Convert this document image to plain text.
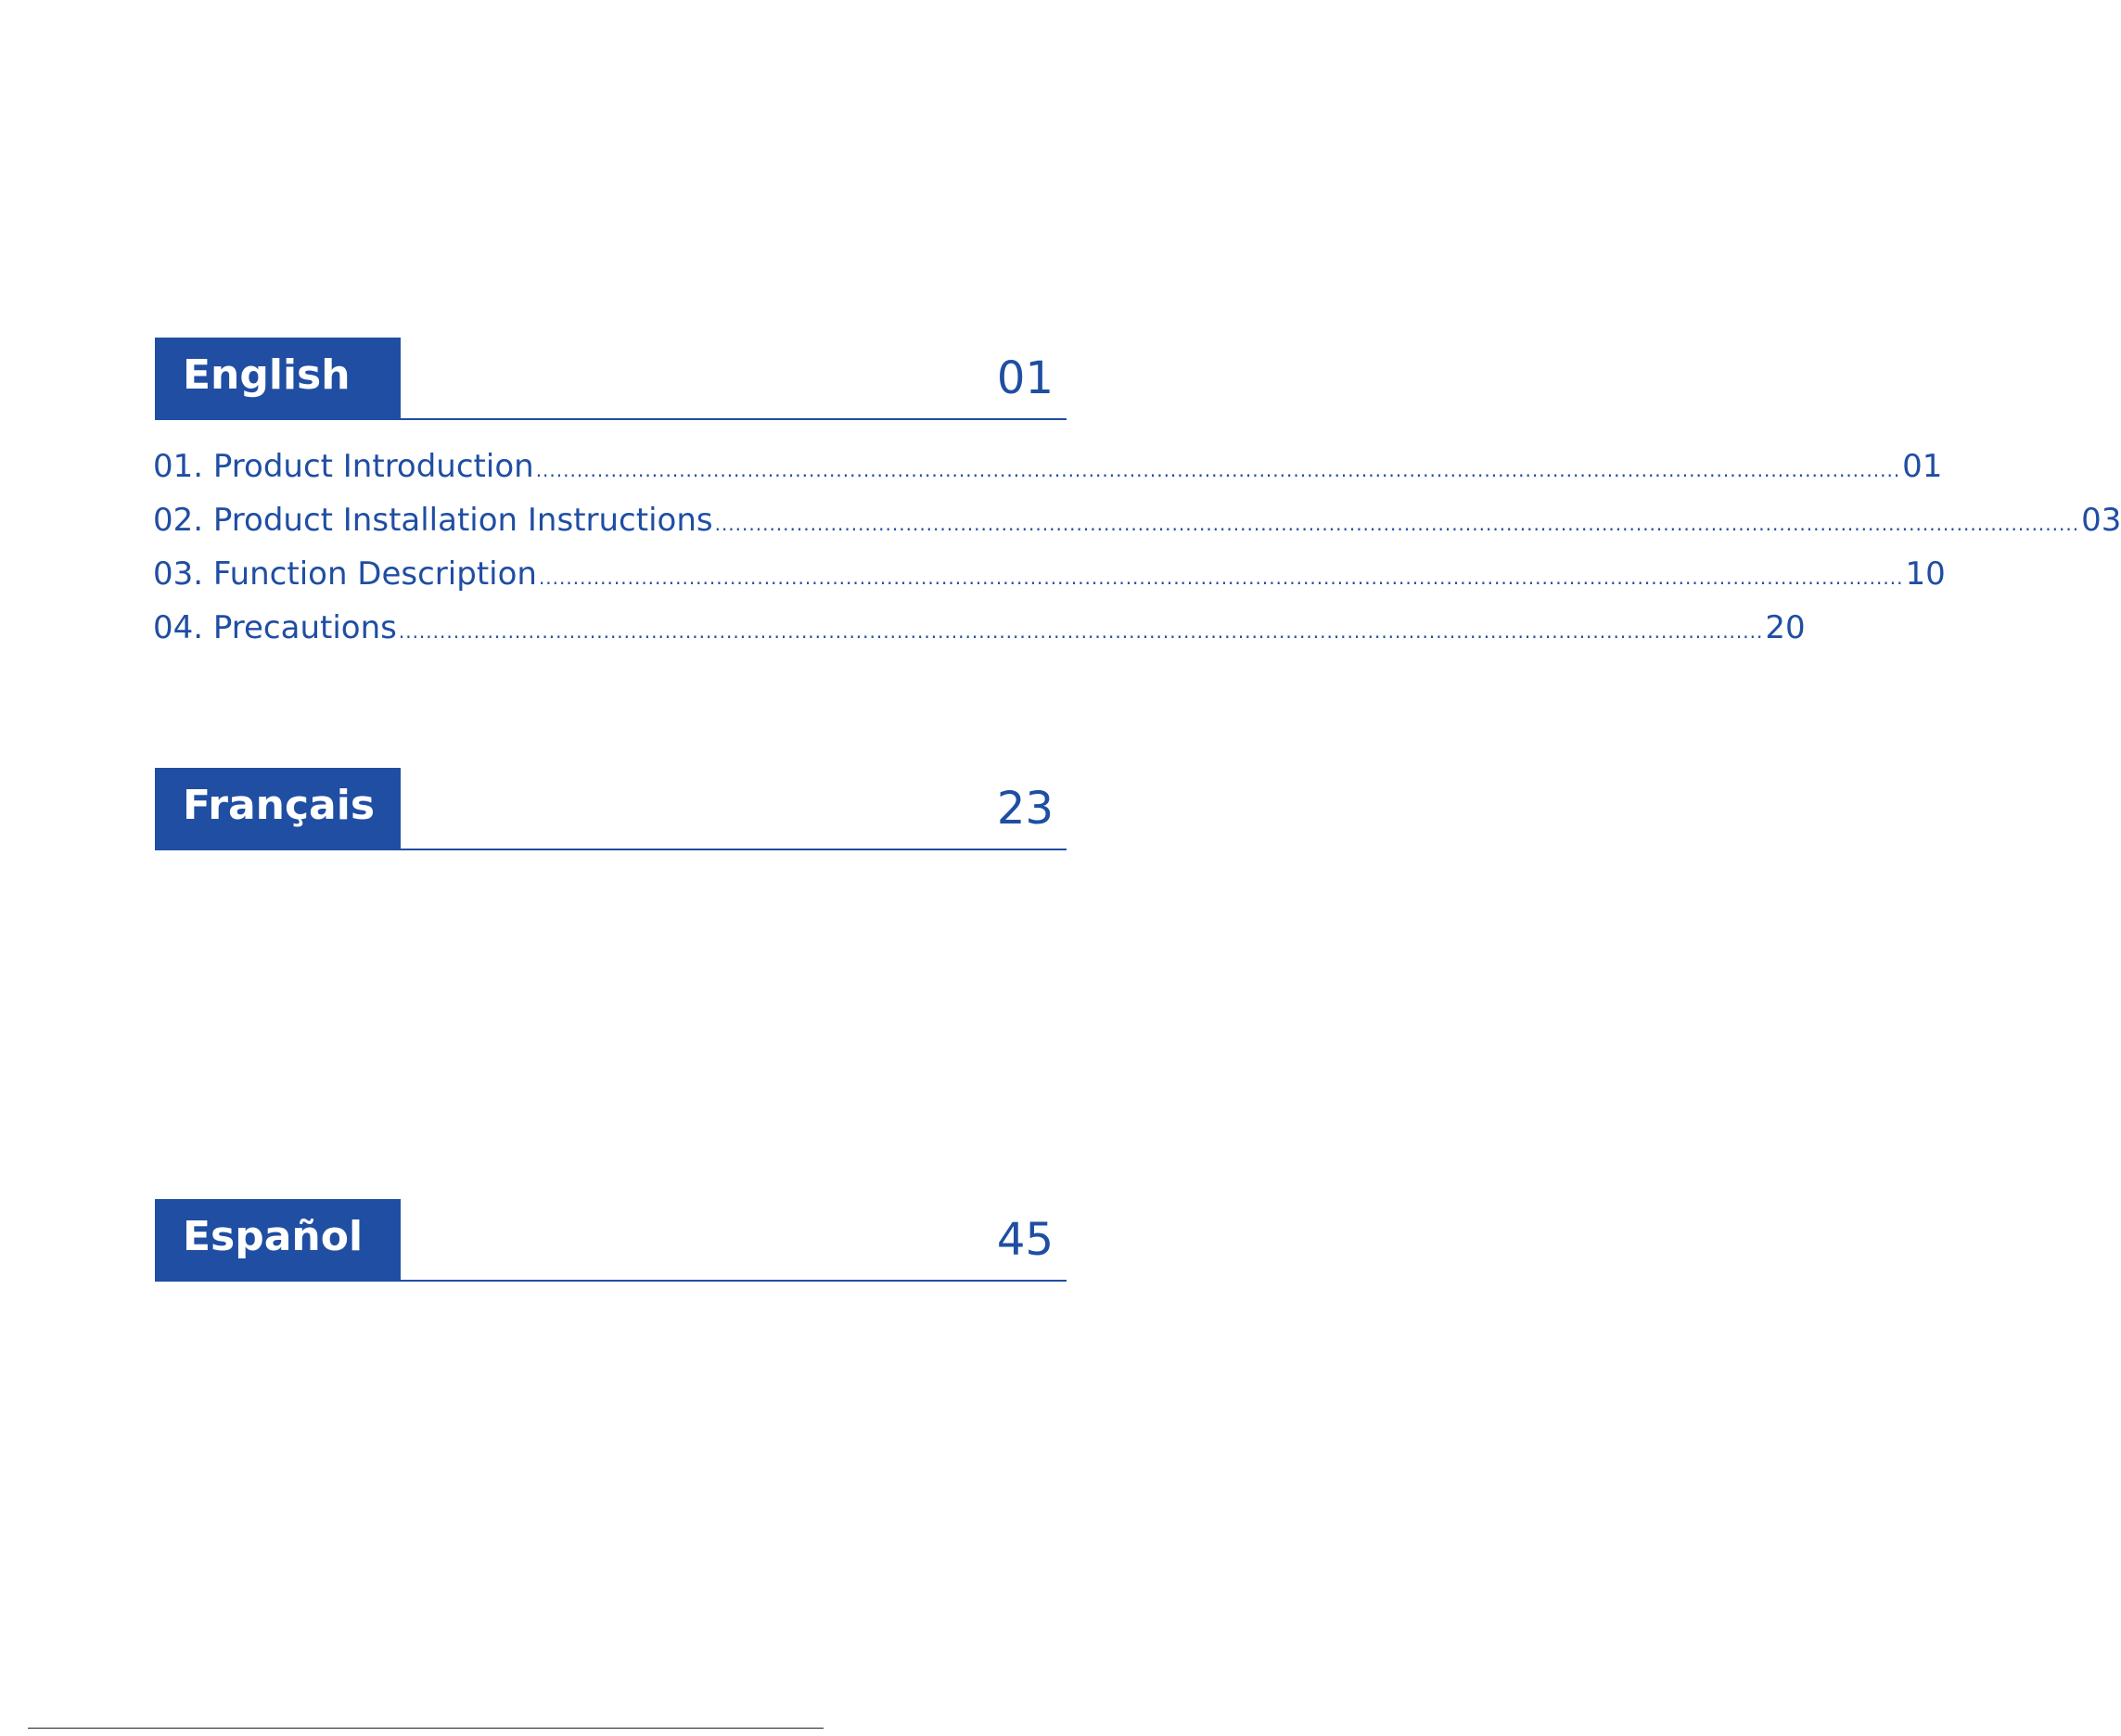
English	01
01. Product Introduction ........................................................................................................................................................................................................ 01
02. Product Installation Instructions ........................................................................................................................................................................................................ 03
03. Function Description ........................................................................................................................................................................................................ 10
04. Precautions ........................................................................................................................................................................................................ 20
Français	23
Español	45
